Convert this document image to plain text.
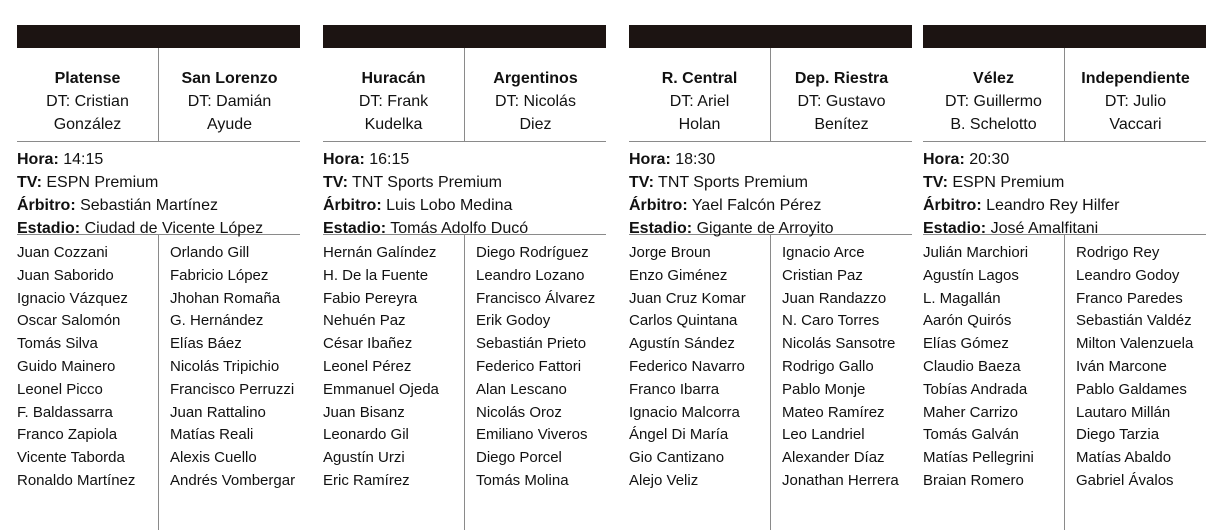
Platense
DT: Cristian
González
San Lorenzo
DT: Damián
Ayude
Hora: 14:15
TV: ESPN Premium
Árbitro: Sebastián Martínez
Estadio: Ciudad de Vicente López
Juan Cozzani
Juan Saborido
Ignacio Vázquez
Oscar Salomón
Tomás Silva
Guido Mainero
Leonel Picco
F. Baldassarra
Franco Zapiola
Vicente Taborda
Ronaldo Martínez
Orlando Gill
Fabricio López
Jhohan Romaña
G. Hernández
Elías Báez
Nicolás Tripichio
Francisco Perruzzi
Juan Rattalino
Matías Reali
Alexis Cuello
Andrés Vombergar
Huracán
DT: Frank
Kudelka
Argentinos
DT: Nicolás
Diez
Hora: 16:15
TV: TNT Sports Premium
Árbitro: Luis Lobo Medina
Estadio: Tomás Adolfo Ducó
Hernán Galíndez
H. De la Fuente
Fabio Pereyra
Nehuén Paz
César Ibañez
Leonel Pérez
Emmanuel Ojeda
Juan Bisanz
Leonardo Gil
Agustín Urzi
Eric Ramírez
Diego Rodríguez
Leandro Lozano
Francisco Álvarez
Erik Godoy
Sebastián Prieto
Federico Fattori
Alan Lescano
Nicolás Oroz
Emiliano Viveros
Diego Porcel
Tomás Molina
R. Central
DT: Ariel
Holan
Dep. Riestra
DT: Gustavo
Benítez
Hora: 18:30
TV: TNT Sports Premium
Árbitro: Yael Falcón Pérez
Estadio: Gigante de Arroyito
Jorge Broun
Enzo Giménez
Juan Cruz Komar
Carlos Quintana
Agustín Sández
Federico Navarro
Franco Ibarra
Ignacio Malcorra
Ángel Di María
Gio Cantizano
Alejo Veliz
Ignacio Arce
Cristian Paz
Juan Randazzo
N. Caro Torres
Nicolás Sansotre
Rodrigo Gallo
Pablo Monje
Mateo Ramírez
Leo Landriel
Alexander Díaz
Jonathan Herrera
Vélez
DT: Guillermo
B. Schelotto
Independiente
DT: Julio
Vaccari
Hora: 20:30
TV: ESPN Premium
Árbitro: Leandro Rey Hilfer
Estadio: José Amalfitani
Julián Marchiori
Agustín Lagos
L. Magallán
Aarón Quirós
Elías Gómez
Claudio Baeza
Tobías Andrada
Maher Carrizo
Tomás Galván
Matías Pellegrini
Braian Romero
Rodrigo Rey
Leandro Godoy
Franco Paredes
Sebastián Valdéz
Milton Valenzuela
Iván Marcone
Pablo Galdames
Lautaro Millán
Diego Tarzia
Matías Abaldo
Gabriel Ávalos
